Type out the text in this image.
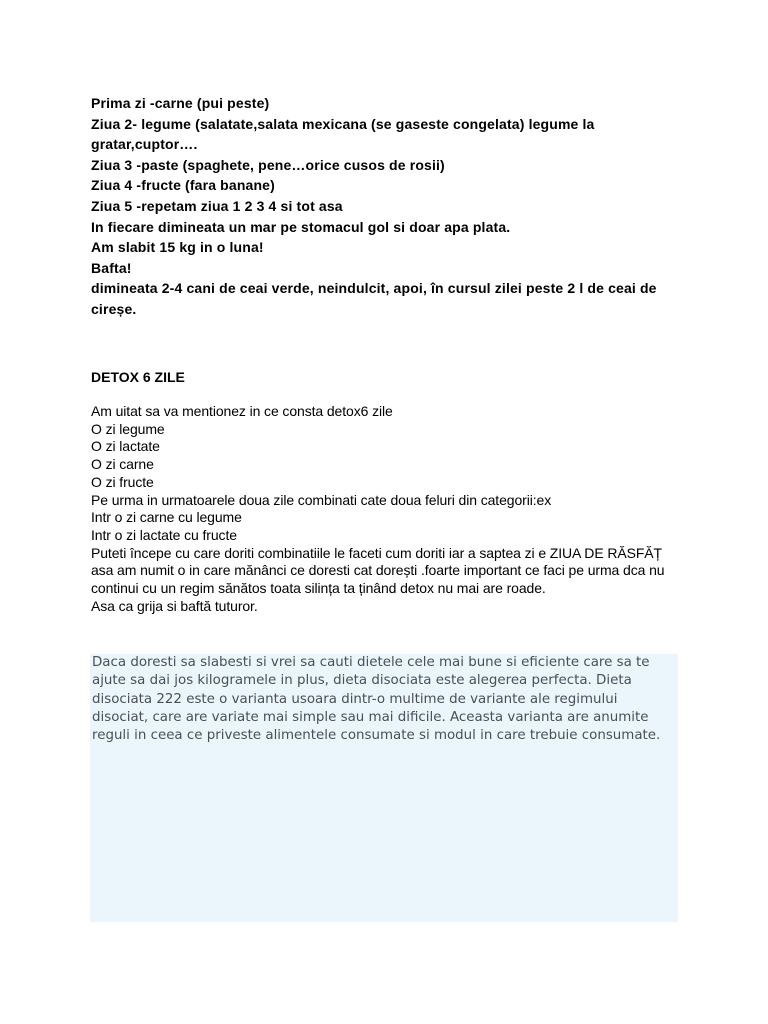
Prima zi -carne (pui peste)

Ziua 2- legume (salatate,salata mexicana (se gaseste congelata) legume la gratar,cuptor….

Ziua 3 -paste (spaghete, pene…orice cusos de rosii)

Ziua 4 -fructe (fara banane)

Ziua 5 -repetam ziua 1 2 3 4 si tot asa

In fiecare dimineata un mar pe stomacul gol si doar apa plata.

Am slabit 15 kg in o luna!

Bafta!

dimineata 2-4 cani de ceai verde, neindulcit, apoi, în cursul zilei peste 2 l de ceai de cireșe.

DETOX 6 ZILE

Am uitat sa va mentionez in ce consta detox6 zile

O zi legume

O zi lactate

O zi carne

O zi fructe

Pe urma in urmatoarele doua zile combinati cate doua feluri din categorii:ex

Intr o zi carne cu legume

Intr o zi lactate cu fructe

Puteti începe cu care doriti combinatiile le faceti cum doriti iar a saptea zi e ZIUA DE RĂSFĂȚ asa am numit o in care mănânci ce doresti cat dorești .foarte important ce faci pe urma dca nu continui cu un regim sănătos toata silința ta ținând detox nu mai are roade.

Asa ca grija si baftă tuturor.

Daca doresti sa slabesti si vrei sa cauti dietele cele mai bune si eficiente care sa te ajute sa dai jos kilogramele in plus, dieta disociata este alegerea perfecta. Dieta disociata 222 este o varianta usoara dintr-o multime de variante ale regimului disociat, care are variate mai simple sau mai dificile. Aceasta varianta are anumite reguli in ceea ce priveste alimentele consumate si modul in care trebuie consumate.
